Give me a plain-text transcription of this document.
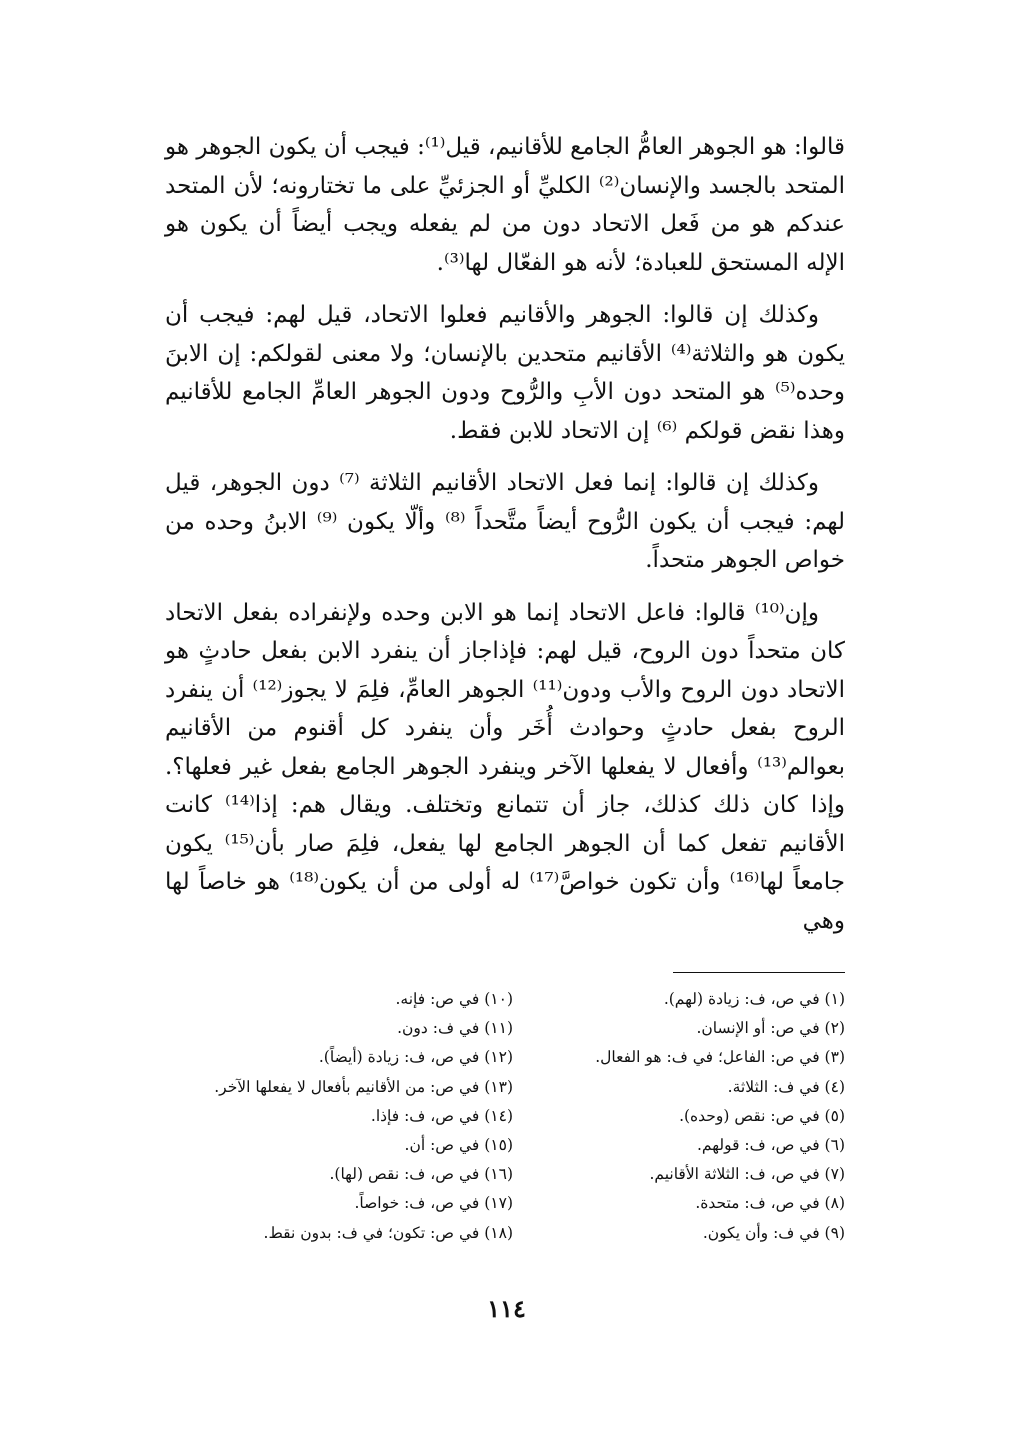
قالوا: هو الجوهر العامُّ الجامع للأقانيم، قيل⁽¹⁾: فيجب أن يكون الجوهر هو المتحد بالجسد والإنسان⁽²⁾ الكليِّ أو الجزئيِّ على ما تختارونه؛ لأن المتحد عندكم هو من فَعل الاتحاد دون من لم يفعله ويجب أيضاً أن يكون هو الإله المستحق للعبادة؛ لأنه هو الفعّال لها⁽³⁾.

وكذلك إن قالوا: الجوهر والأقانيم فعلوا الاتحاد، قيل لهم: فيجب أن يكون هو والثلاثة⁽⁴⁾ الأقانيم متحدين بالإنسان؛ ولا معنى لقولكم: إن الابنَ وحده⁽⁵⁾ هو المتحد دون الأبِ والرُّوح ودون الجوهر العامِّ الجامع للأقانيم وهذا نقض قولكم ⁽⁶⁾ إن الاتحاد للابن فقط.

وكذلك إن قالوا: إنما فعل الاتحاد الأقانيم الثلاثة ⁽⁷⁾ دون الجوهر، قيل لهم: فيجب أن يكون الرُّوح أيضاً متَّحداً ⁽⁸⁾ وألّا يكون ⁽⁹⁾ الابنُ وحده من خواص الجوهر متحداً.

وإن⁽¹⁰⁾ قالوا: فاعل الاتحاد إنما هو الابن وحده ولإنفراده بفعل الاتحاد كان متحداً دون الروح، قيل لهم: فإذاجاز أن ينفرد الابن بفعل حادثٍ هو الاتحاد دون الروح والأب ودون⁽¹¹⁾ الجوهر العامِّ، فلِمَ لا يجوز⁽¹²⁾ أن ينفرد الروح بفعل حادثٍ وحوادث أُخَر وأن ينفرد كل أقنوم من الأقانيم بعوالم⁽¹³⁾ وأفعال لا يفعلها الآخر وينفرد الجوهر الجامع بفعل غير فعلها؟. وإذا كان ذلك كذلك، جاز أن تتمانع وتختلف. ويقال هم: إذا⁽¹⁴⁾ كانت الأقانيم تفعل كما أن الجوهر الجامع لها يفعل، فلِمَ صار بأن⁽¹⁵⁾ يكون جامعاً لها⁽¹⁶⁾ وأن تكون خواصَّ⁽¹⁷⁾ له أولى من أن يكون⁽¹⁸⁾ هو خاصاً لها وهي

(١) في ص، ف: زيادة (لهم).
(٢) في ص: أو الإنسان.
(٣) في ص: الفاعل؛ في ف: هو الفعال.
(٤) في ف: الثلاثة.
(٥) في ص: نقص (وحده).
(٦) في ص، ف: قولهم.
(٧) في ص، ف: الثلاثة الأقانيم.
(٨) في ص، ف: متحدة.
(٩) في ف: وأن يكون.
(١٠) في ص: فإنه.
(١١) في ف: دون.
(١٢) في ص، ف: زيادة (أيضاً).
(١٣) في ص: من الأقانيم بأفعال لا يفعلها الآخر.
(١٤) في ص، ف: فإذا.
(١٥) في ص: أن.
(١٦) في ص، ف: نقص (لها).
(١٧) في ص، ف: خواصاً.
(١٨) في ص: تكون؛ في ف: بدون نقط.
١١٤
